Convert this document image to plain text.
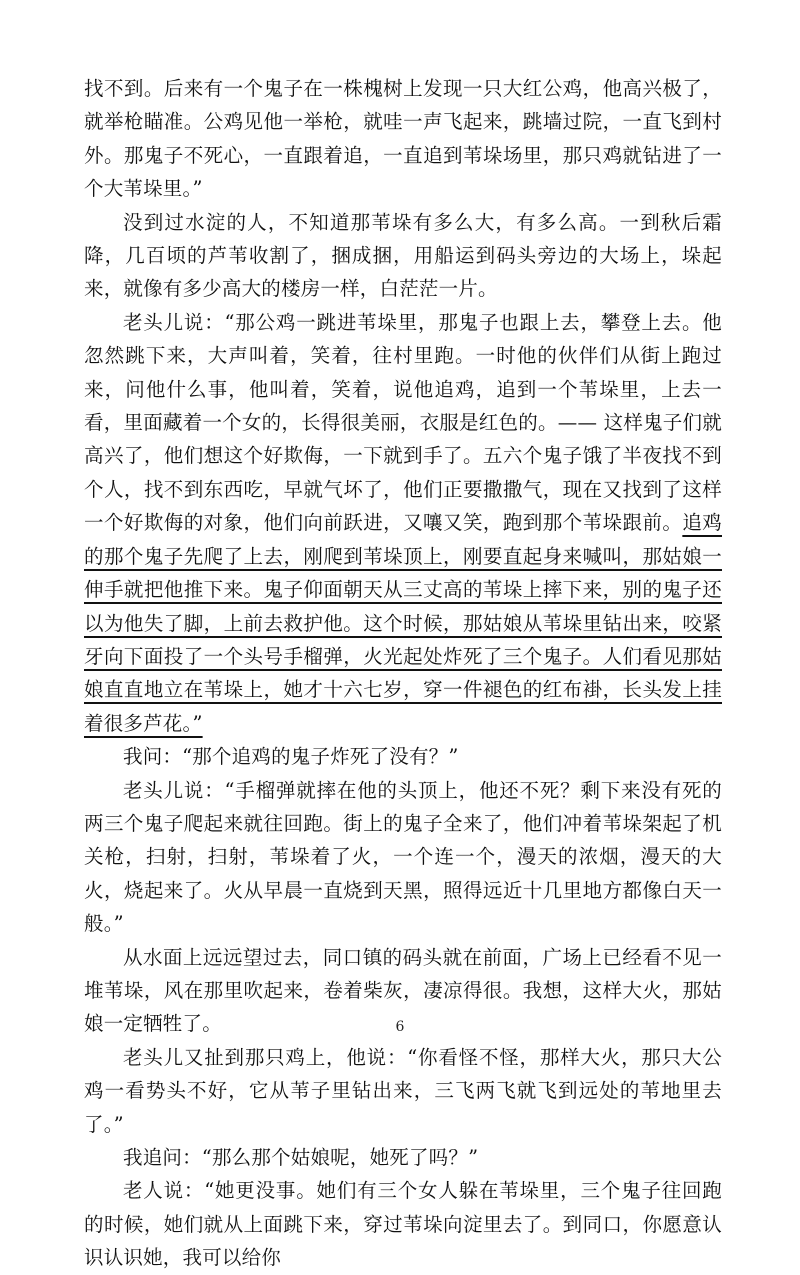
找不到。后来有一个鬼子在一株槐树上发现一只大红公鸡，他高兴极了，就举枪瞄准。公鸡见他一举枪，就哇一声飞起来，跳墙过院，一直飞到村外。那鬼子不死心，一直跟着追，一直追到苇垛场里，那只鸡就钻进了一个大苇垛里。”

没到过水淀的人，不知道那苇垛有多么大，有多么高。一到秋后霜降，几百顷的芦苇收割了，捆成捆，用船运到码头旁边的大场上，垛起来，就像有多少高大的楼房一样，白茫茫一片。

老头儿说：“那公鸡一跳进苇垛里，那鬼子也跟上去，攀登上去。他忽然跳下来，大声叫着，笑着，往村里跑。一时他的伙伴们从街上跑过来，问他什么事，他叫着，笑着，说他追鸡，追到一个苇垛里，上去一看，里面藏着一个女的，长得很美丽，衣服是红色的。—— 这样鬼子们就高兴了，他们想这个好欺侮，一下就到手了。五六个鬼子饿了半夜找不到个人，找不到东西吃，早就气坏了，他们正要撒撒气，现在又找到了这样一个好欺侮的对象，他们向前跃进，又嚷又笑，跑到那个苇垛跟前。追鸡的那个鬼子先爬了上去，刚爬到苇垛顶上，刚要直起身来喊叫，那姑娘一伸手就把他推下来。鬼子仰面朝天从三丈高的苇垛上摔下来，别的鬼子还以为他失了脚，上前去救护他。这个时候，那姑娘从苇垛里钻出来，咬紧牙向下面投了一个头号手榴弹，火光起处炸死了三个鬼子。人们看见那姑娘直直地立在苇垛上，她才十六七岁，穿一件褪色的红布褂，长头发上挂着很多芦花。”

我问：“那个追鸡的鬼子炸死了没有？”

老头儿说：“手榴弹就摔在他的头顶上，他还不死？剩下来没有死的两三个鬼子爬起来就往回跑。街上的鬼子全来了，他们冲着苇垛架起了机关枪，扫射，扫射，苇垛着了火，一个连一个，漫天的浓烟，漫天的大火，烧起来了。火从早晨一直烧到天黑，照得远近十几里地方都像白天一般。”

从水面上远远望过去，同口镇的码头就在前面，广场上已经看不见一堆苇垛，风在那里吹起来，卷着柴灰，凄凉得很。我想，这样大火，那姑娘一定牺牲了。

老头儿又扯到那只鸡上，他说：“你看怪不怪，那样大火，那只大公鸡一看势头不好，它从苇子里钻出来，三飞两飞就飞到远处的苇地里去了。”

我追问：“那么那个姑娘呢，她死了吗？”

老人说：“她更没事。她们有三个女人躲在苇垛里，三个鬼子往回跑的时候，她们就从上面跳下来，穿过苇垛向淀里去了。到同口，你愿意认识认识她，我可以给你

6
